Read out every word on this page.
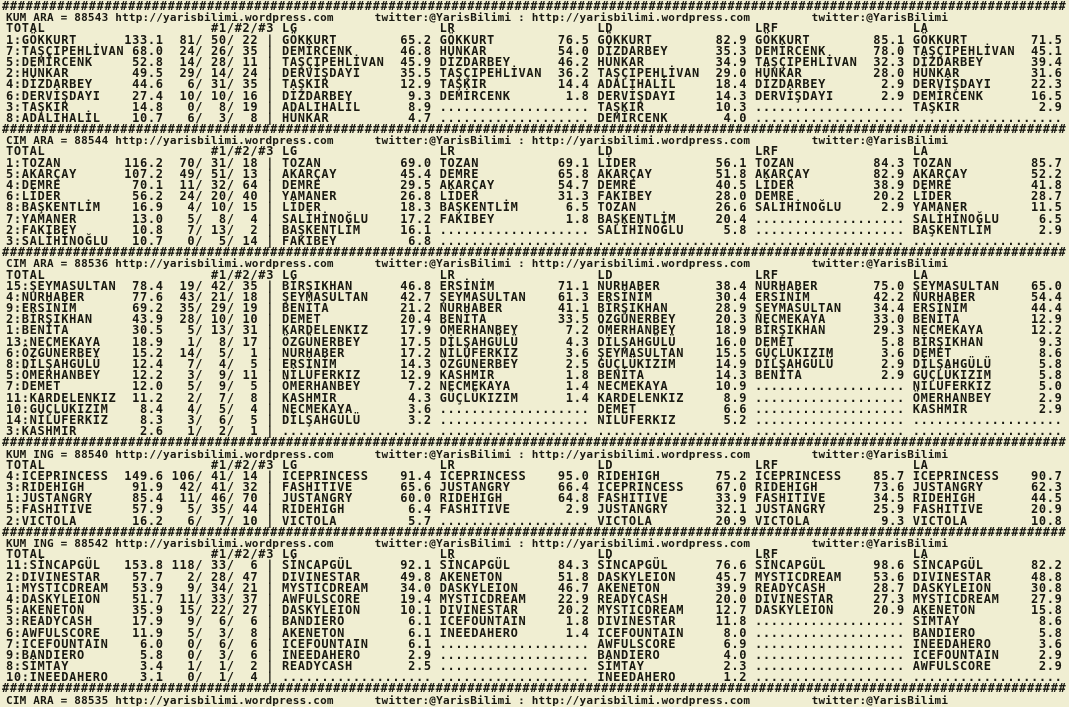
#######################################################################################################################################
KUM ARA = 88543 http://yarisbilimi.wordpress.com      twitter:@YarisBilimi : http://yarisbilimi.wordpress.com         twitter:@YarisBilimi
TOTAL                     #1/#2/#3 LG                  LR                  LD                  LRF                 LA
1:GÖKKURT      133.1  81/ 50/ 22 | GÖKKURT        65.2 GÖKKURT        76.5 GÖKKURT        82.9 GÖKKURT        85.1 GÖKKURT        71.5
7:TAŞÇIPEHLİVAN 68.0  24/ 26/ 35 | DEMİRCENK      46.8 HÜNKAR         54.0 DİZDARBEY      35.3 DEMİRCENK      78.0 TAŞÇIPEHLİVAN  45.1
5:DEMİRCENK     52.8  14/ 28/ 11 | TAŞÇIPEHLİVAN  45.9 DİZDARBEY      46.2 HÜNKAR         34.9 TAŞÇIPEHLİVAN  32.3 DİZDARBEY      39.4
2:HÜNKAR        49.5  29/ 14/ 24 | DERVİŞDAYI     35.5 TAŞÇIPEHLİVAN  36.2 TAŞÇIPEHLİVAN  29.0 HÜNKAR         28.0 HÜNKAR         31.6
4:DİZDARBEY     44.6   6/ 31/ 35 | TAŞKIR         12.9 TAŞKIR         14.4 ADALIHALİL     18.4 DİZDARBEY       2.9 DERVİŞDAYI     22.3
6:DERVİŞDAYI    27.4  10/ 10/ 16 | DİZDARBEY       9.3 DEMİRCENK       1.8 DERVİŞDAYI     14.3 DERVİŞDAYI      2.9 DEMİRCENK      16.5
3:TAŞKIR        14.8   0/  8/ 19 | ADALIHALİL      8.9 ................... TAŞKIR         10.3 ................... TAŞKIR          2.9
8:ADALIHALİL    10.7   6/  3/  8 | HÜNKAR          4.7 ................... DEMİRCENK       4.0 ................... ...................
#######################################################################################################################################
CIM ARA = 88544 http://yarisbilimi.wordpress.com      twitter:@YarisBilimi : http://yarisbilimi.wordpress.com         twitter:@YarisBilimi
TOTAL                     #1/#2/#3 LG                  LR                  LD                  LRF                 LA
1:TOZAN        116.2  70/ 31/ 18 | TOZAN          69.0 TOZAN          69.1 LİDER          56.1 TOZAN          84.3 TOZAN          85.7
5:AKARÇAY      107.2  49/ 51/ 13 | AKARÇAY        45.4 DEMRE          65.8 AKARÇAY        51.8 AKARÇAY        82.9 AKARÇAY        52.2
4:DEMRE         70.1  11/ 32/ 64 | DEMRE          29.5 AKARÇAY        54.7 DEMRE          40.5 LİDER          38.9 DEMRE          41.8
6:LİDER         56.2  24/ 20/ 40 | YAMANER        26.8 LİDER          31.3 FAKIBEY        28.0 DEMRE          20.2 LİDER          28.7
8:BAŞKENTLİM    16.9   4/ 10/ 15 | LİDER          18.3 BAŞKENTLİM      6.5 TOZAN          26.6 SALİHİNOĞLU     2.9 YAMANER        11.5
7:YAMANER       13.0   5/  8/  4 | SALİHİNOĞLU    17.2 FAKIBEY         1.8 BAŞKENTLİM     20.4 ................... SALİHİNOĞLU     6.5
2:FAKIBEY       10.8   7/ 13/  2 | BAŞKENTLİM     16.1 ................... SALİHİNOĞLU     5.8 ................... BAŞKENTLİM      2.9
3:SALİHİNOĞLU   10.7   0/  5/ 14 | FAKIBEY         6.8 ................... ................... ................... ...................
#######################################################################################################################################
CIM ARA = 88536 http://yarisbilimi.wordpress.com      twitter:@YarisBilimi : http://yarisbilimi.wordpress.com         twitter:@YarisBilimi
TOTAL                     #1/#2/#3 LG                  LR                  LD                  LRF                 LA
15:ŞEYMASULTAN  78.4  19/ 42/ 35 | BİRŞIKHAN      46.8 ERSİNİM        71.1 NURHABER       38.4 NURHABER       75.0 ŞEYMASULTAN    65.0
4:NURHABER      77.6  43/ 21/ 18 | ŞEYMASULTAN    42.7 ŞEYMASULTAN    61.3 ERSİNİM        30.4 ERSİNİM        42.2 NURHABER       54.4
9:ERSİNİM       69.2  35/ 29/ 19 | BENİTA         21.2 NURHABER       41.1 BİRŞIKHAN      28.9 ŞEYMASULTAN    34.4 ERSİNİM        44.4
2:BİRŞIKHAN     43.9  28/ 10/ 10 | DEMET          20.4 BENİTA         33.5 ÖZGÜNERBEY     20.3 NECMEKAYA      33.0 BENİTA         12.9
1:BENİTA        30.5   5/ 13/ 31 | KARDELENKIZ    17.9 ÖMERHANBEY      7.2 ÖMERHANBEY     18.9 BİRŞIKHAN      29.3 NECMEKAYA      12.2
13:NECMEKAYA    18.9   1/  8/ 17 | ÖZGÜNERBEY     17.5 DİLŞAHGÜLÜ      4.3 DİLŞAHGÜLÜ     16.0 DEMET           5.8 BİRŞIKHAN       9.3
6:ÖZGÜNERBEY    15.2  14/  5/  1 | NURHABER       17.2 NİLÜFERKIZ      3.6 ŞEYMASULTAN    15.5 GÜÇLÜKIZIM      3.6 DEMET           8.6
8:DİLŞAHGÜLÜ    12.4   7/  4/  5 | ERSİNİM        14.3 ÖZGÜNERBEY      2.5 GÜÇLÜKIZIM     14.9 DİLŞAHGÜLÜ      2.9 DİLŞAHGÜLÜ      5.8
5:ÖMERHANBEY    12.2   3/  9/ 11 | NİLÜFERKIZ     12.9 KASHMIR         1.8 BENİTA         14.3 BENİTA          2.9 GÜÇLÜKIZIM      5.8
7:DEMET         12.0   5/  9/  5 | ÖMERHANBEY      7.2 NECMEKAYA       1.4 NECMEKAYA      10.9 ................... NİLÜFERKIZ      5.0
11:KARDELENKIZ  11.2   2/  7/  8 | KASHMIR         4.3 GÜÇLÜKIZIM      1.4 KARDELENKIZ     8.9 ................... ÖMERHANBEY      2.9
10:GÜÇLÜKIZIM    8.4   4/  5/  4 | NECMEKAYA       3.6 ................... DEMET           6.6 ................... KASHMIR         2.9
14:NİLÜFERKIZ    8.3   3/  6/  5 | DİLŞAHGÜLÜ      3.2 ................... NİLÜFERKIZ      5.2 ................... ...................
3:KASHMIR        2.6   1/  2/  1 | ................... ................... ................... ................... ...................
#######################################################################################################################################
KUM ING = 88540 http://yarisbilimi.wordpress.com      twitter:@YarisBilimi : http://yarisbilimi.wordpress.com         twitter:@YarisBilimi
TOTAL                     #1/#2/#3 LG                  LR                  LD                  LRF                 LA
4:ICEPRINCESS  149.6 106/ 41/ 14 | ICEPRINCESS    91.4 ICEPRINCESS    95.0 RIDEHIGH       75.2 ICEPRINCESS    85.7 ICEPRINCESS    90.7
3:RIDEHIGH      91.9  42/ 41/ 32 | FASHITIVE      65.6 JUSTANGRY      66.4 ICEPRINCESS    67.0 RIDEHIGH       73.6 JUSTANGRY      62.3
1:JUSTANGRY     85.4  11/ 46/ 70 | JUSTANGRY      60.0 RIDEHIGH       64.8 FASHITIVE      33.9 FASHITIVE      34.5 RIDEHIGH       44.5
5:FASHITIVE     57.9   5/ 35/ 44 | RIDEHIGH        6.4 FASHITIVE       2.9 JUSTANGRY      32.1 JUSTANGRY      25.9 FASHITIVE      20.9
2:VICTOLA       16.2   6/  7/ 10 | VICTOLA         5.7 ................... VICTOLA        20.9 VICTOLA         9.3 VICTOLA        10.8
#######################################################################################################################################
KUM ING = 88542 http://yarisbilimi.wordpress.com      twitter:@YarisBilimi : http://yarisbilimi.wordpress.com         twitter:@YarisBilimi
TOTAL                     #1/#2/#3 LG                  LR                  LD                  LRF                 LA
11:SİNCAPGÜL   153.8 118/ 33/  6 | SİNCAPGÜL      92.1 SİNCAPGÜL      84.3 SİNCAPGÜL      76.6 SİNCAPGÜL      98.6 SİNCAPGÜL      82.2
2:DIVINESTAR    57.7   2/ 28/ 47 | DIVINESTAR     49.8 AKENETON       51.8 DASKYLEION     45.7 MYSTICDREAM    53.6 DIVINESTAR     48.8
1:MYSTICDREAM   53.9   9/ 34/ 21 | MYSTICDREAM    34.0 DASKYLEION     46.7 AKENETON       39.9 READYCASH      28.7 DASKYLEION     30.8
4:DASKYLEION    51.7  11/ 33/ 37 | AWFULSCORE     19.4 MYSTICDREAM    22.9 READYCASH      20.0 DIVINESTAR     27.3 MYSTICDREAM    27.9
5:AKENETON      35.9  15/ 22/ 27 | DASKYLEION     10.1 DIVINESTAR     20.2 MYSTICDREAM    12.7 DASKYLEION     20.9 AKENETON       15.8
3:READYCASH     17.9   9/  6/  6 | BANDIERO        6.1 ICEFOUNTAIN     1.8 DIVINESTAR     11.8 ................... SİMTAY          8.6
6:AWFULSCORE    11.9   5/  3/  8 | AKENETON        6.1 INEEDAHERO      1.4 ICEFOUNTAIN     8.0 ................... BANDIERO        5.8
7:ICEFOUNTAIN    6.0   0/  6/  6 | ICEFOUNTAIN     6.1 ................... AWFULSCORE      6.9 ................... INEEDAHERO      3.6
9:BANDIERO       5.8   0/  3/  6 | INEEDAHERO      2.9 ................... BANDIERO        4.0 ................... ICEFOUNTAIN     2.9
8:SİMTAY         3.4   1/  1/  2 | READYCASH       2.5 ................... SİMTAY          2.3 ................... AWFULSCORE      2.9
10:INEEDAHERO    3.1   0/  1/  4 | ................... ................... INEEDAHERO      1.2 ................... ...................
#######################################################################################################################################
CIM ARA = 88535 http://yarisbilimi.wordpress.com      twitter:@YarisBilimi : http://yarisbilimi.wordpress.com         twitter:@YarisBilimi
